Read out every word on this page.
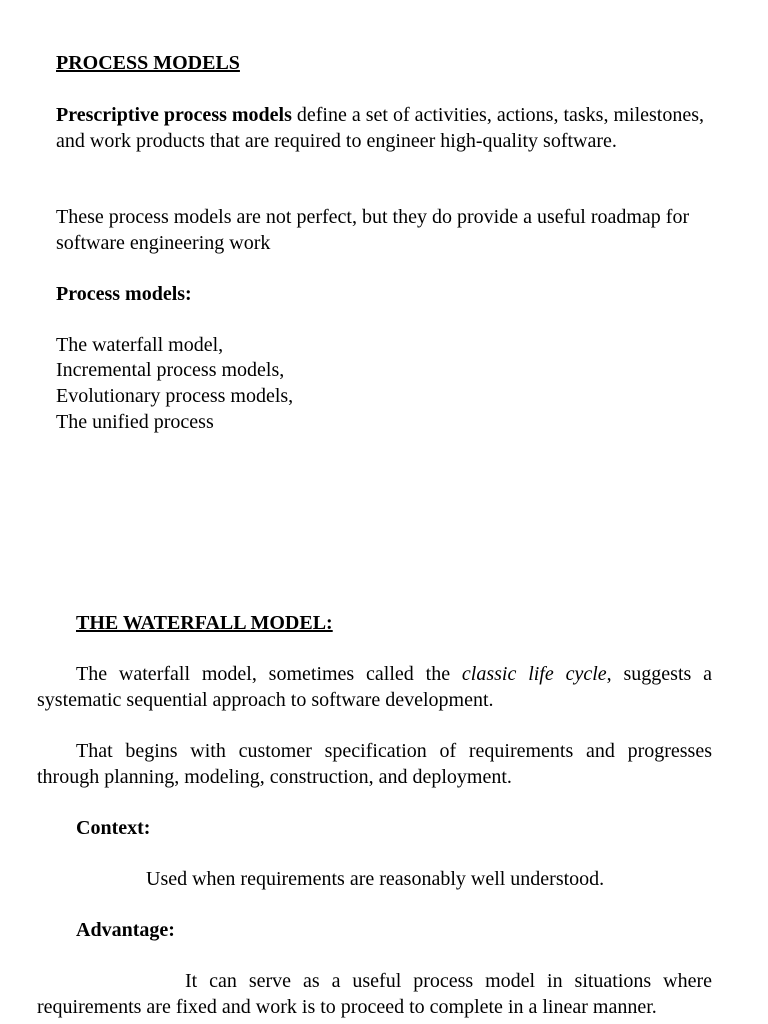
PROCESS MODELS
Prescriptive process models define a set of activities, actions, tasks, milestones, and work products that are required to engineer high-quality software.
These process models are not perfect, but they do provide a useful roadmap for software engineering work
Process models:
The waterfall model,
Incremental process models,
Evolutionary process models,
The unified process
THE WATERFALL MODEL:
The waterfall model, sometimes called the classic life cycle, suggests a systematic sequential approach to software development.
That begins with customer specification of requirements and progresses through planning, modeling, construction, and deployment.
Context:
Used when requirements are reasonably well understood.
Advantage:
It can serve as a useful process model in situations where requirements are fixed and work is to proceed to complete in a linear manner.
